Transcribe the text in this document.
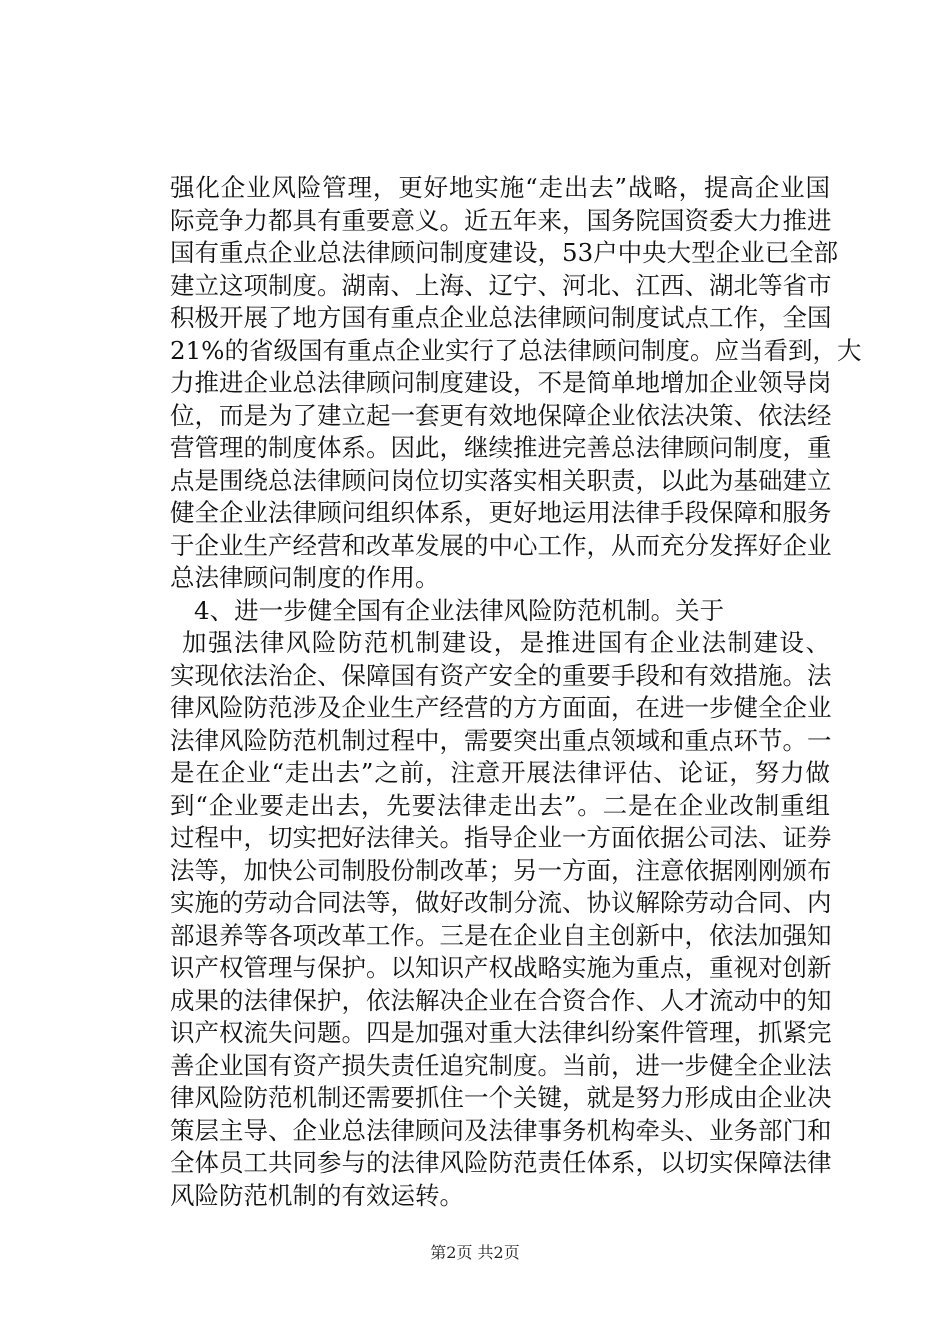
强化企业风险管理，更好地实施“走出去”战略，提高企业国
际竞争力都具有重要意义。近五年来，国务院国资委大力推进
国有重点企业总法律顾问制度建设，53户中央大型企业已全部
建立这项制度。湖南、上海、辽宁、河北、江西、湖北等省市
积极开展了地方国有重点企业总法律顾问制度试点工作，全国
21%的省级国有重点企业实行了总法律顾问制度。应当看到，大
力推进企业总法律顾问制度建设，不是简单地增加企业领导岗
位，而是为了建立起一套更有效地保障企业依法决策、依法经
营管理的制度体系。因此，继续推进完善总法律顾问制度，重
点是围绕总法律顾问岗位切实落实相关职责，以此为基础建立
健全企业法律顾问组织体系，更好地运用法律手段保障和服务
于企业生产经营和改革发展的中心工作，从而充分发挥好企业
总法律顾问制度的作用。
4、进一步健全国有企业法律风险防范机制。关于
加强法律风险防范机制建设，是推进国有企业法制建设、
实现依法治企、保障国有资产安全的重要手段和有效措施。法
律风险防范涉及企业生产经营的方方面面，在进一步健全企业
法律风险防范机制过程中，需要突出重点领域和重点环节。一
是在企业“走出去”之前，注意开展法律评估、论证，努力做
到“企业要走出去，先要法律走出去”。二是在企业改制重组
过程中，切实把好法律关。指导企业一方面依据公司法、证券
法等，加快公司制股份制改革；另一方面，注意依据刚刚颁布
实施的劳动合同法等，做好改制分流、协议解除劳动合同、内
部退养等各项改革工作。三是在企业自主创新中，依法加强知
识产权管理与保护。以知识产权战略实施为重点，重视对创新
成果的法律保护，依法解决企业在合资合作、人才流动中的知
识产权流失问题。四是加强对重大法律纠纷案件管理，抓紧完
善企业国有资产损失责任追究制度。当前，进一步健全企业法
律风险防范机制还需要抓住一个关键，就是努力形成由企业决
策层主导、企业总法律顾问及法律事务机构牵头、业务部门和
全体员工共同参与的法律风险防范责任体系，以切实保障法律
风险防范机制的有效运转。
第2页 共2页
